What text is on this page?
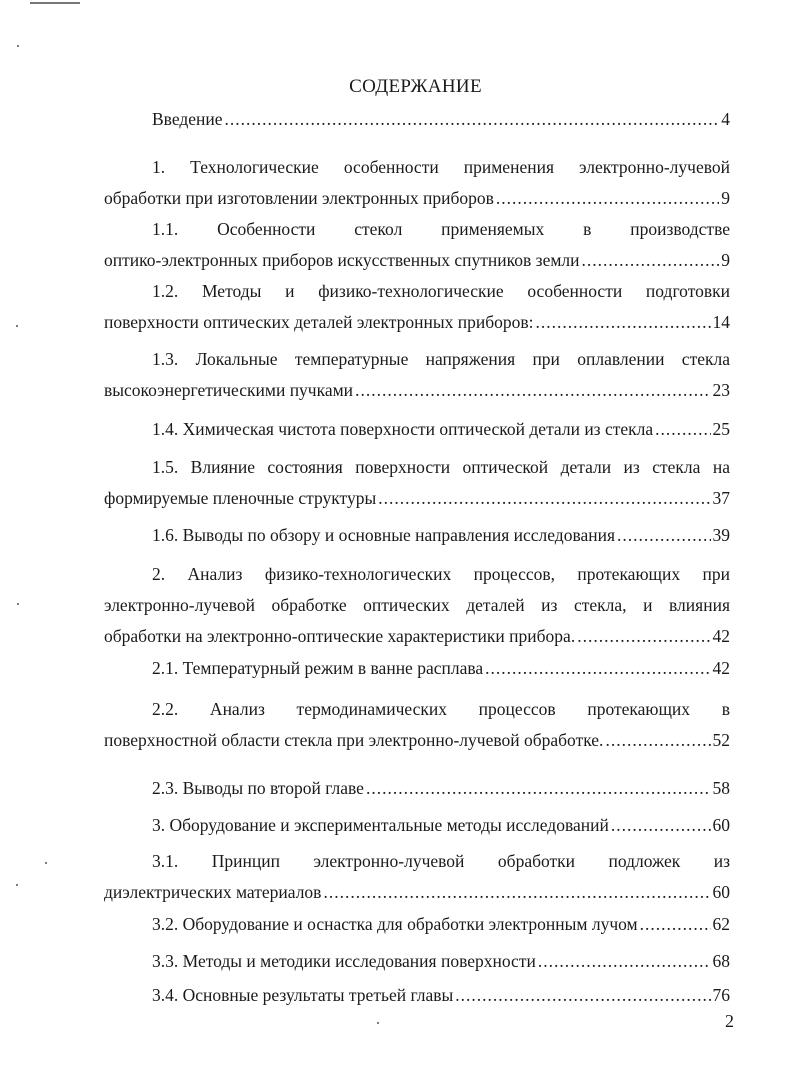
СОДЕРЖАНИЕ
Введение .....	4
1. Технологические особенности применения электронно-лучевой
обработки при изготовлении электронных приборов .....	9
1.1. Особенности стекол применяемых в производстве
оптико-электронных приборов искусственных спутников земли .....	9
1.2. Методы и физико-технологические особенности подготовки
поверхности оптических деталей электронных приборов: .....	14
1.3. Локальные температурные напряжения при оплавлении стекла
высокоэнергетическими пучками .....	23
1.4. Химическая чистота поверхности оптической детали из стекла .....	25
1.5. Влияние состояния поверхности оптической детали из стекла на
формируемые пленочные структуры .....	37
1.6. Выводы по обзору и основные направления исследования .....	39
2. Анализ физико-технологических процессов, протекающих при
электронно-лучевой обработке оптических деталей из стекла, и влияния
обработки на электронно-оптические характеристики прибора. .....	42
2.1. Температурный режим в ванне расплава .....	42
2.2. Анализ термодинамических процессов протекающих в
поверхностной области стекла при электронно-лучевой обработке. .....	52
2.3. Выводы по второй главе .....	58
3. Оборудование и экспериментальные методы исследований .....	60
3.1. Принцип электронно-лучевой обработки подложек из
диэлектрических материалов .....	60
3.2. Оборудование и оснастка для обработки электронным лучом .....	62
3.3. Методы и методики исследования поверхности .....	68
3.4. Основные результаты третьей главы .....	76
2
